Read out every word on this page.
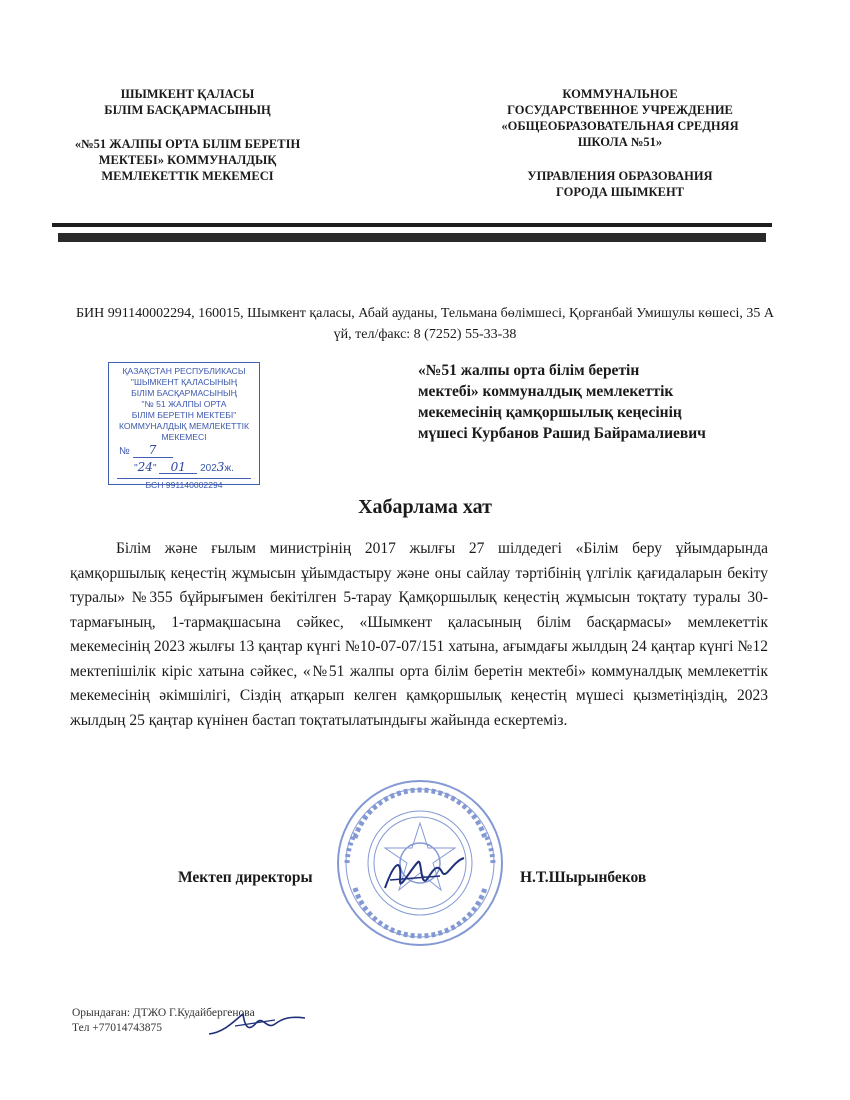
ШЫМКЕНТ ҚАЛАСЫ
БІЛІМ БАСҚАРМАСЫНЫҢ
«№51 ЖАЛПЫ ОРТА БІЛІМ БЕРЕТІН
МЕКТЕБІ» КОММУНАЛДЫҚ
МЕМЛЕКЕТТІК МЕКЕМЕСІ
КОММУНАЛЬНОЕ
ГОСУДАРСТВЕННОЕ УЧРЕЖДЕНИЕ
«ОБЩЕОБРАЗОВАТЕЛЬНАЯ СРЕДНЯЯ
ШКОЛА №51»
УПРАВЛЕНИЯ ОБРАЗОВАНИЯ
ГОРОДА ШЫМКЕНТ
БИН 991140002294, 160015, Шымкент қаласы, Абай ауданы, Тельмана бөлімшесі, Қорғанбай Умишулы көшесі, 35 А үй, тел/факс: 8 (7252) 55-33-38
ҚАЗАҚСТАН РЕСПУБЛИКАСЫ
"ШЫМКЕНТ ҚАЛАСЫНЫҢ
БІЛІМ БАСҚАРМАСЫНЫҢ
"№ 51 ЖАЛПЫ ОРТА
БІЛІМ БЕРЕТІН МЕКТЕБІ"
КОММУНАЛДЫҚ МЕМЛЕКЕТТІК
МЕКЕМЕСІ
№ 7
"24" 01 2023ж.
БСН 991140002294
«№51 жалпы орта білім беретін
мектебі» коммуналдық мемлекеттік
мекемесінің қамқоршылық кеңесінің
мүшесі Курбанов Рашид Байрамалиевич
Хабарлама хат
Білім және ғылым министрінің 2017 жылғы 27 шілдедегі «Білім беру ұйымдарында қамқоршылық кеңестің жұмысын ұйымдастыру және оны сайлау тәртібінің үлгілік қағидаларын бекіту туралы» №355 бұйрығымен бекітілген 5-тарау Қамқоршылық кеңестің жұмысын тоқтату туралы 30-тармағының, 1-тармақшасына сәйкес, «Шымкент қаласының білім басқармасы» мемлекеттік мекемесінің 2023 жылғы 13 қаңтар күнгі №10-07-07/151 хатына, ағымдағы жылдың 24 қаңтар күнгі №12 мектепішілік кіріс хатына сәйкес, «№51 жалпы орта білім беретін мектебі» коммуналдық мемлекеттік мекемесінің әкімшілігі, Сіздің атқарып келген қамқоршылық кеңестің мүшесі қызметіңіздің, 2023 жылдың 25 қаңтар күнінен бастап тоқтатылатындығы жайында ескертеміз.
Мектеп директоры	Н.Т.Шырынбеков
Орындаған: ДТЖО Г.Кудайбергенова
Тел +77014743875
